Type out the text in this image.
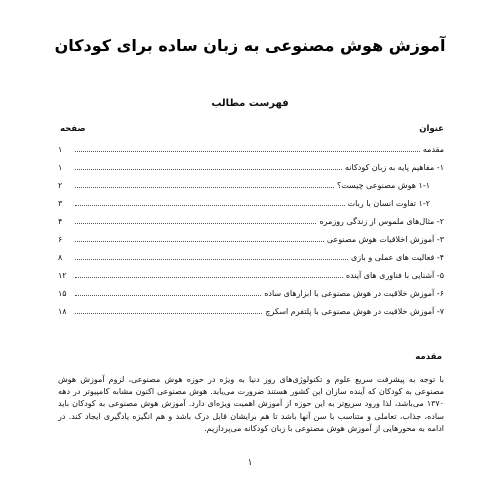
آموزش هوش مصنوعی به زبان ساده برای کودکان
فهرست مطالب
عنوان
صفحه
مقدمه
۱
۱- مفاهیم پایه به زبان کودکانه
۱
۱-۱ هوش مصنوعی چیست؟
۲
۱-۲ تفاوت انسان با ربات
۳
۲- مثال‌های ملموس از زندگی روزمره
۴
۳- آموزش اخلاقیات هوش مصنوعی
۶
۴- فعالیت های عملی و بازی
۸
۵- آشنایی با فناوری های آینده
۱۲
۶- آموزش خلاقیت در هوش مصنوعی با ابزارهای ساده
۱۵
۷- آموزش خلاقیت در هوش مصنوعی با پلتفرم اسکرچ
۱۸
مقدمه
با توجه به پیشرفت سریع علوم و تکنولوژی‌های روز دنیا به ویژه در حوزه هوش مصنوعی، لزوم آموزش هوش مصنوعی به کودکان که آینده سازان این کشور هستند ضرورت می‌یابد. هوش مصنوعی اکنون مشابه کامپیوتر در دهه ۱۳۷۰ می‌باشد، لذا ورود سریع‌تر به این حوزه از آموزش اهمیت ویژه‌ای دارد. آموزش هوش مصنوعی به کودکان باید ساده، جذاب، تعاملی و متناسب با سن آنها باشد تا هم برایشان قابل درک باشد و هم انگیزه یادگیری ایجاد کند. در ادامه به محورهایی از آموزش هوش مصنوعی با زبان کودکانه می‌پردازیم.
۱
